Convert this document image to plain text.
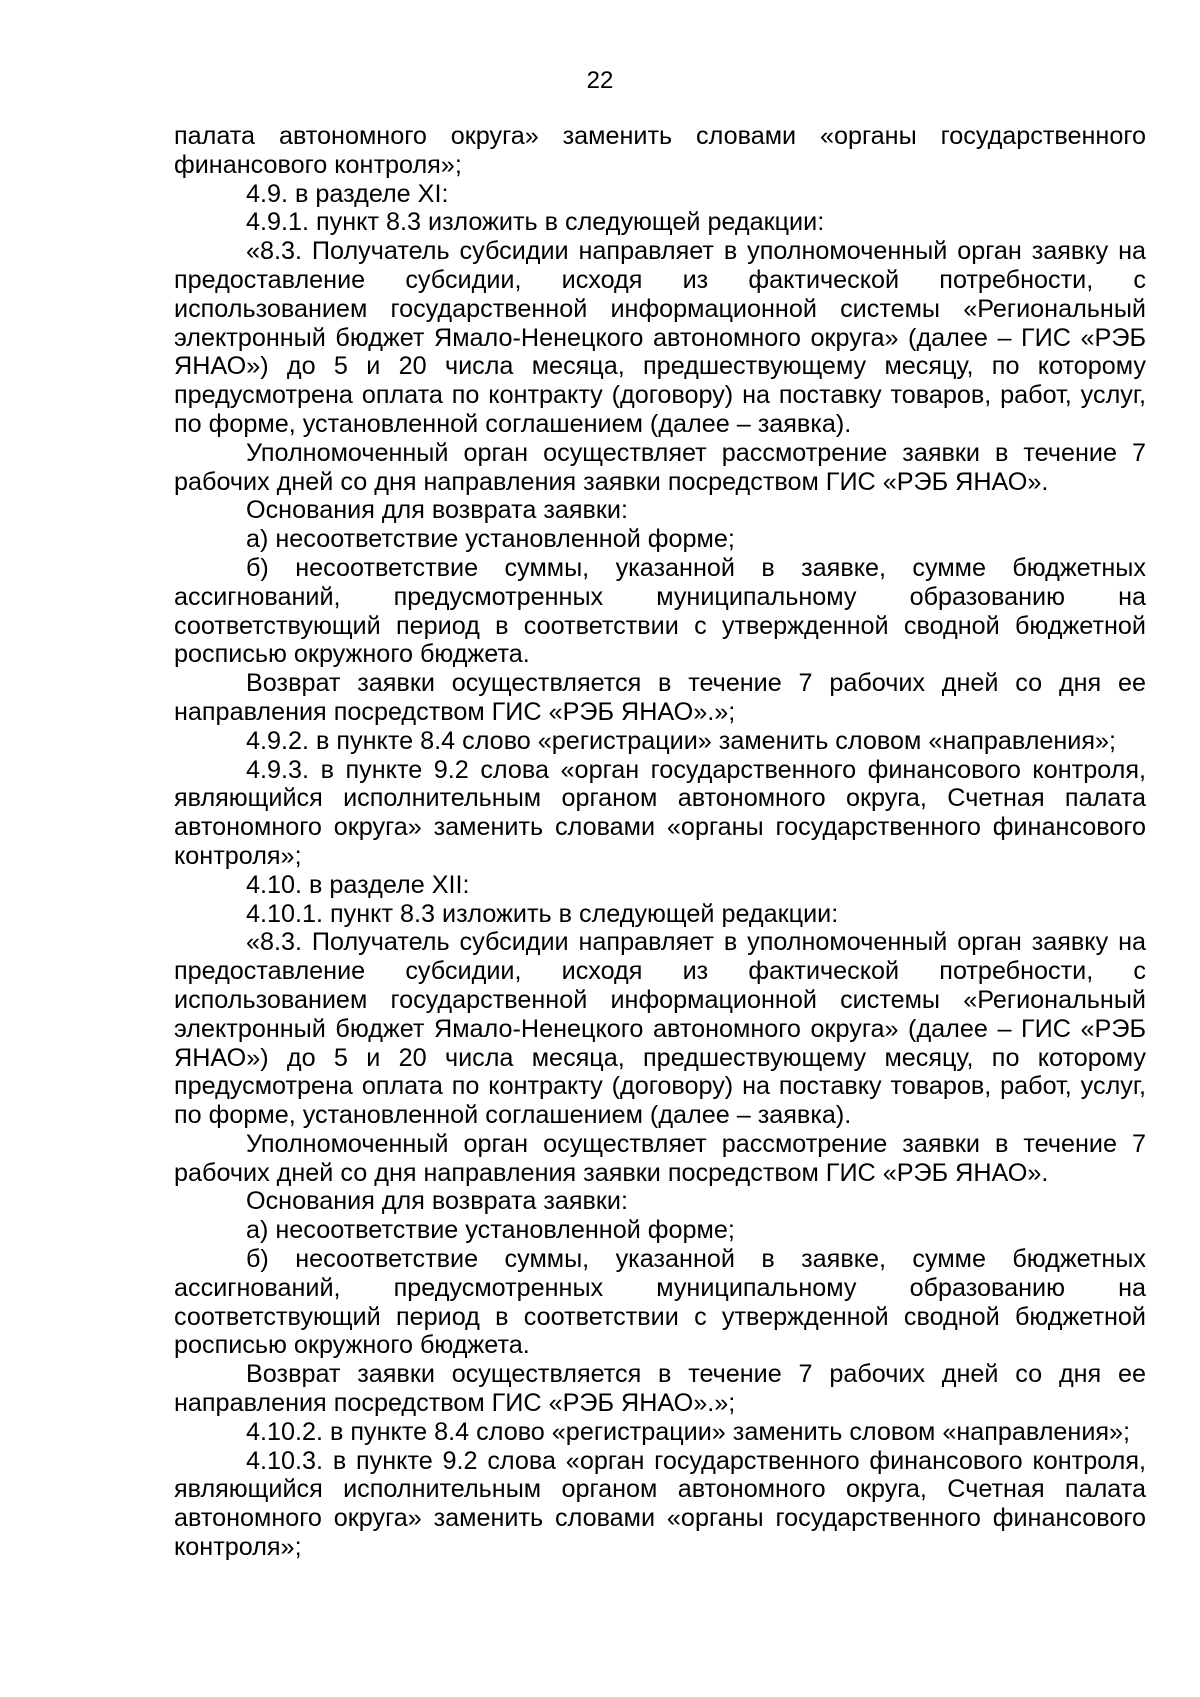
22

палата автономного округа» заменить словами «органы государственного финансового контроля»;

4.9. в разделе XI:

4.9.1. пункт 8.3 изложить в следующей редакции:

«8.3. Получатель субсидии направляет в уполномоченный орган заявку на предоставление субсидии, исходя из фактической потребности, с использованием государственной информационной системы «Региональный электронный бюджет Ямало-Ненецкого автономного округа» (далее – ГИС «РЭБ ЯНАО») до 5 и 20 числа месяца, предшествующему месяцу, по которому предусмотрена оплата по контракту (договору) на поставку товаров, работ, услуг, по форме, установленной соглашением (далее – заявка).

Уполномоченный орган осуществляет рассмотрение заявки в течение 7 рабочих дней со дня направления заявки посредством ГИС «РЭБ ЯНАО».

Основания для возврата заявки:

а) несоответствие установленной форме;

б) несоответствие суммы, указанной в заявке, сумме бюджетных ассигнований, предусмотренных муниципальному образованию на соответствующий период в соответствии с утвержденной сводной бюджетной росписью окружного бюджета.

Возврат заявки осуществляется в течение 7 рабочих дней со дня ее направления посредством ГИС «РЭБ ЯНАО».»;

4.9.2. в пункте 8.4 слово «регистрации» заменить словом «направления»;

4.9.3. в пункте 9.2 слова «орган государственного финансового контроля, являющийся исполнительным органом автономного округа, Счетная палата автономного округа» заменить словами «органы государственного финансового контроля»;

4.10. в разделе XII:

4.10.1. пункт 8.3 изложить в следующей редакции:

«8.3. Получатель субсидии направляет в уполномоченный орган заявку на предоставление субсидии, исходя из фактической потребности, с использованием государственной информационной системы «Региональный электронный бюджет Ямало-Ненецкого автономного округа» (далее – ГИС «РЭБ ЯНАО») до 5 и 20 числа месяца, предшествующему месяцу, по которому предусмотрена оплата по контракту (договору) на поставку товаров, работ, услуг, по форме, установленной соглашением (далее – заявка).

Уполномоченный орган осуществляет рассмотрение заявки в течение 7 рабочих дней со дня направления заявки посредством ГИС «РЭБ ЯНАО».

Основания для возврата заявки:

а) несоответствие установленной форме;

б) несоответствие суммы, указанной в заявке, сумме бюджетных ассигнований, предусмотренных муниципальному образованию на соответствующий период в соответствии с утвержденной сводной бюджетной росписью окружного бюджета.

Возврат заявки осуществляется в течение 7 рабочих дней со дня ее направления посредством ГИС «РЭБ ЯНАО».»;

4.10.2. в пункте 8.4 слово «регистрации» заменить словом «направления»;

4.10.3. в пункте 9.2 слова «орган государственного финансового контроля, являющийся исполнительным органом автономного округа, Счетная палата автономного округа» заменить словами «органы государственного финансового контроля»;
